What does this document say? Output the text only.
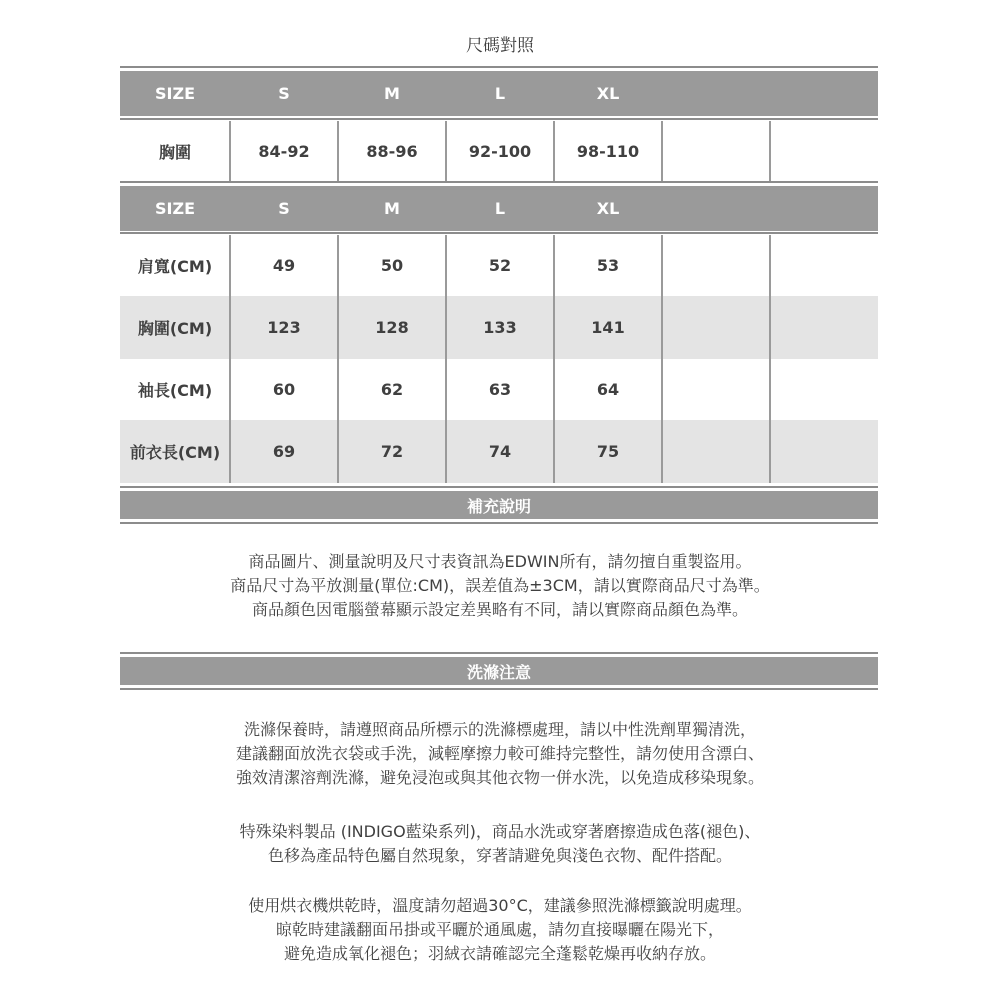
尺碼對照
SIZE	S	M	L	XL
胸圍	84-92	88-96	92-100	98-110
SIZE	S	M	L	XL
肩寬(CM)	49	50	52	53
胸圍(CM)	123	128	133	141
袖長(CM)	60	62	63	64
前衣長(CM)	69	72	74	75
補充說明
商品圖片、測量說明及尺寸表資訊為EDWIN所有，請勿擅自重製盜用。
商品尺寸為平放測量(單位:CM)，誤差值為±3CM，請以實際商品尺寸為準。
商品顏色因電腦螢幕顯示設定差異略有不同，請以實際商品顏色為準。
洗滌注意
洗滌保養時，請遵照商品所標示的洗滌標處理，請以中性洗劑單獨清洗，
建議翻面放洗衣袋或手洗，減輕摩擦力較可維持完整性，請勿使用含漂白、
強效清潔溶劑洗滌，避免浸泡或與其他衣物一併水洗，以免造成移染現象。
特殊染料製品 (INDIGO藍染系列)，商品水洗或穿著磨擦造成色落(褪色)、
色移為產品特色屬自然現象，穿著請避免與淺色衣物、配件搭配。
使用烘衣機烘乾時，溫度請勿超過30°C，建議參照洗滌標籤說明處理。
晾乾時建議翻面吊掛或平曬於通風處，請勿直接曝曬在陽光下，
避免造成氧化褪色；羽絨衣請確認完全蓬鬆乾燥再收納存放。
